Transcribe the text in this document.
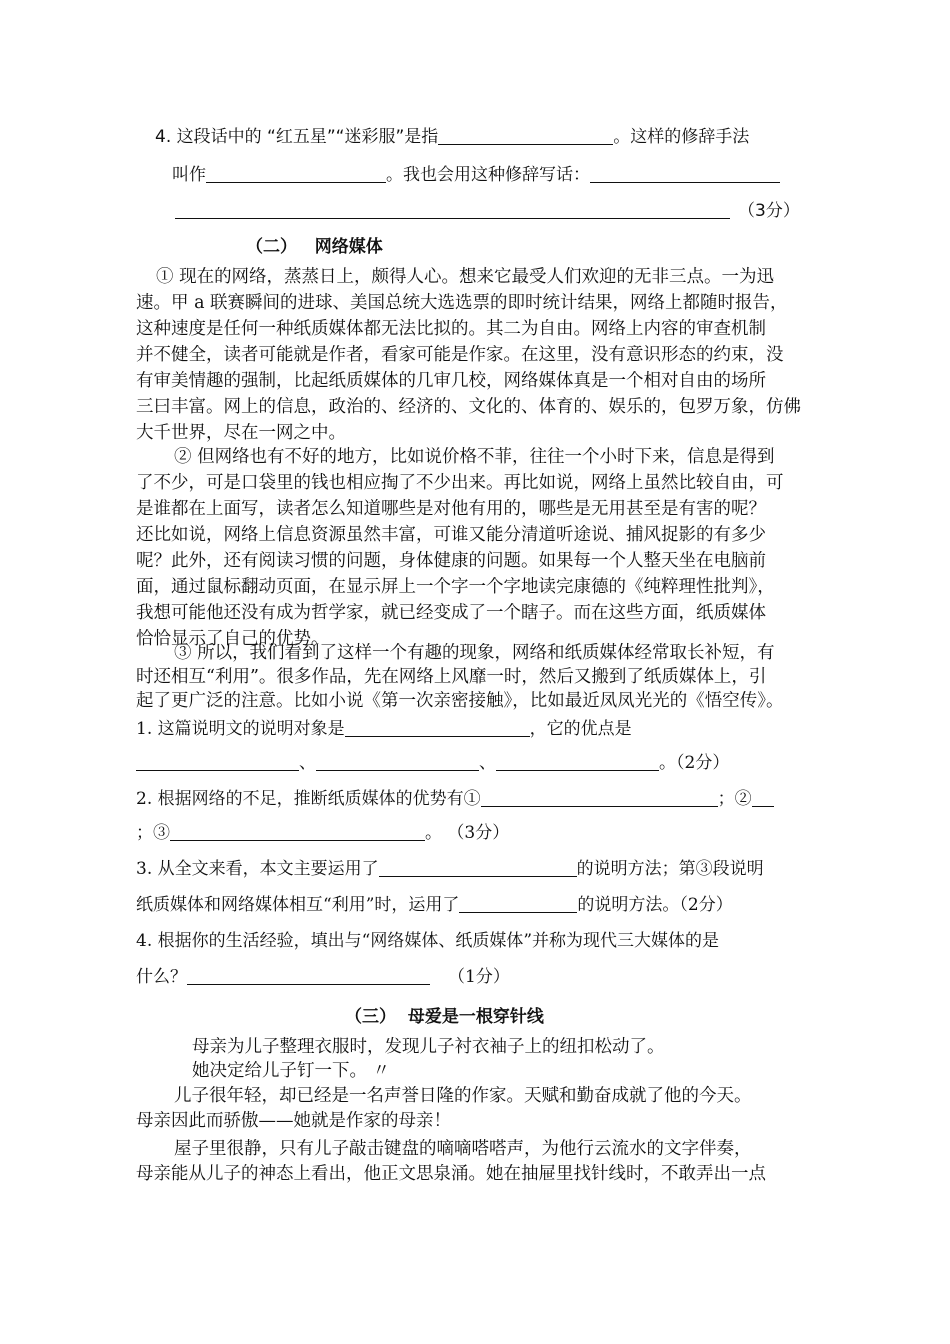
4. 这段话中的 “红五星”“迷彩服”是指	。这样的修辞手法
叫作	。我也会用这种修辞写话：
（3分）
（二）   网络媒体
① 现在的网络，蒸蒸日上，颇得人心。想来它最受人们欢迎的无非三点。一为迅
速。甲 a 联赛瞬间的进球、美国总统大选选票的即时统计结果，网络上都随时报告，
这种速度是任何一种纸质媒体都无法比拟的。其二为自由。网络上内容的审查机制
并不健全，读者可能就是作者，看家可能是作家。在这里，没有意识形态的约束，没
有审美情趣的强制，比起纸质媒体的几审几校，网络媒体真是一个相对自由的场所
三曰丰富。网上的信息，政治的、经济的、文化的、体育的、娱乐的，包罗万象，仿佛
大千世界，尽在一网之中。
② 但网络也有不好的地方，比如说价格不菲，往往一个小时下来，信息是得到
了不少，可是口袋里的钱也相应掏了不少出来。再比如说，网络上虽然比较自由，可
是谁都在上面写，读者怎么知道哪些是对他有用的，哪些是无用甚至是有害的呢？
还比如说，网络上信息资源虽然丰富，可谁又能分清道听途说、捕风捉影的有多少
呢？此外，还有阅读习惯的问题，身体健康的问题。如果每一个人整天坐在电脑前
面，通过鼠标翻动页面，在显示屏上一个字一个字地读完康德的《纯粹理性批判》，
我想可能他还没有成为哲学家，就已经变成了一个瞎子。而在这些方面，纸质媒体
恰恰显示了自己的优势。
③ 所以，我们看到了这样一个有趣的现象，网络和纸质媒体经常取长补短，有
时还相互“利用”。很多作品，先在网络上风靡一时，然后又搬到了纸质媒体上，引
起了更广泛的注意。比如小说《第一次亲密接触》，比如最近凤凤光光的《悟空传》。
1. 这篇说明文的说明对象是	，它的优点是
、	、	。（2分）
2. 根据网络的不足，推断纸质媒体的优势有①	；②
；③	。 （3分）
3. 从全文来看，本文主要运用了	的说明方法；第③段说明
纸质媒体和网络媒体相互“利用”时，运用了	的说明方法。（2分）
4. 根据你的生活经验，填出与“网络媒体、纸质媒体”并称为现代三大媒体的是
什么？	（1分）
（三）  母爱是一根穿针线
母亲为儿子整理衣服时，发现儿子衬衣袖子上的纽扣松动了。
她决定给儿子钉一下。 〃
儿子很年轻，却已经是一名声誉日隆的作家。天赋和勤奋成就了他的今天。
母亲因此而骄傲——她就是作家的母亲！
屋子里很静，只有儿子敲击键盘的嘀嘀嗒嗒声，为他行云流水的文字伴奏，
母亲能从儿子的神态上看出，他正文思泉涌。她在抽屉里找针线时，不敢弄出一点
